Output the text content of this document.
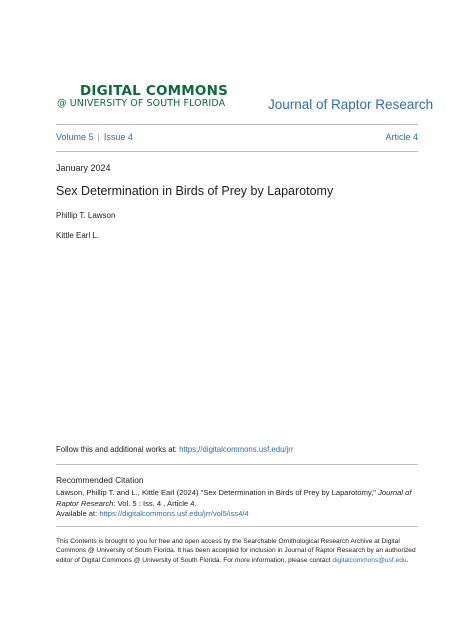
DIGITAL COMMONS
@ UNIVERSITY OF SOUTH FLORIDA	Journal of Raptor Research
Volume 5 | Issue 4	Article 4
January 2024
Sex Determination in Birds of Prey by Laparotomy
Phillip T. Lawson
Kittle Earl L.
Follow this and additional works at: https://digitalcommons.usf.edu/jrr
Recommended Citation
Lawson, Phillip T. and L., Kittle Earl (2024) "Sex Determination in Birds of Prey by Laparotomy," Journal of Raptor Research: Vol. 5 : Iss. 4 , Article 4.
Available at: https://digitalcommons.usf.edu/jrr/vol5/iss4/4
This Contents is brought to you for free and open access by the Searchable Ornithological Research Archive at Digital Commons @ University of South Florida. It has been accepted for inclusion in Journal of Raptor Research by an authorized editor of Digital Commons @ University of South Florida. For more information, please contact digitalcommons@usf.edu.
